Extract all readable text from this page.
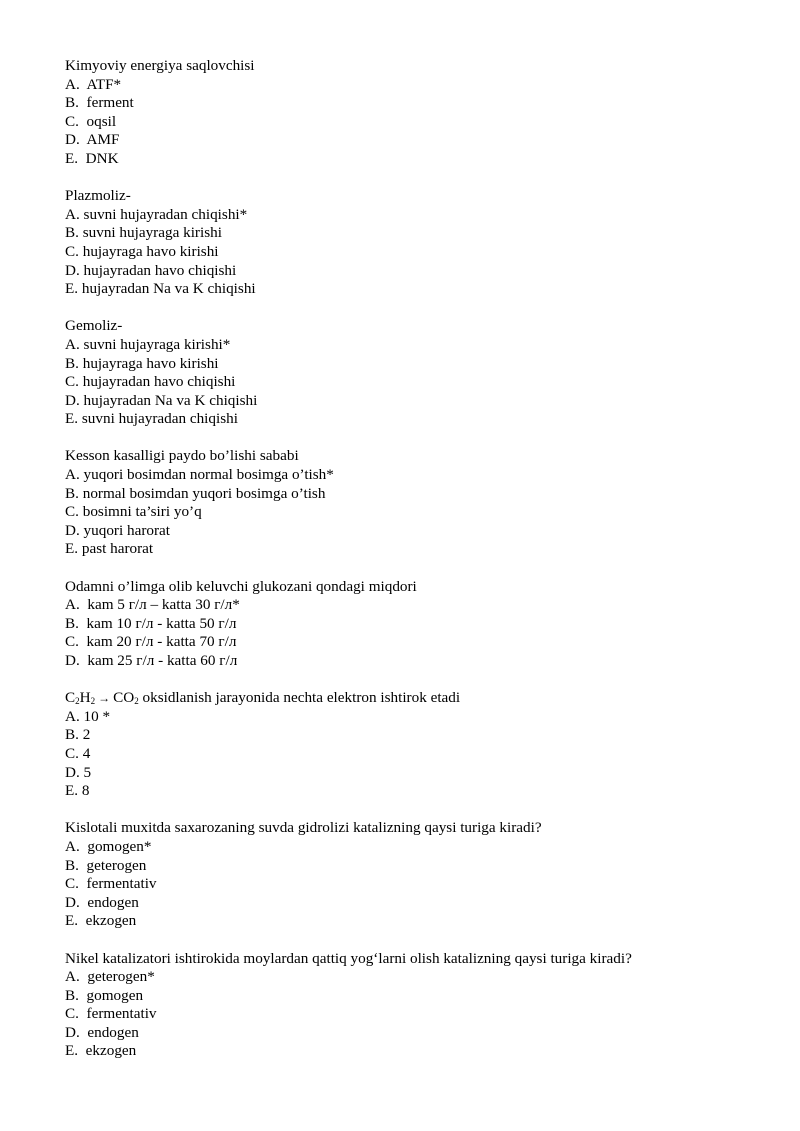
Kimyoviy energiya saqlovchisi
A.  ATF*
B.  ferment
C.  oqsil
D.  AMF
E.  DNK
Plazmoliz-
A. suvni hujayradan chiqishi*
B. suvni hujayraga kirishi
C. hujayraga havo kirishi
D. hujayradan havo chiqishi
E. hujayradan Na va K chiqishi
Gemoliz-
A. suvni hujayraga kirishi*
B. hujayraga havo kirishi
C. hujayradan havo chiqishi
D. hujayradan Na va K chiqishi
E. suvni hujayradan chiqishi
Kesson kasalligi paydo bo’lishi sababi
A. yuqori bosimdan normal bosimga o’tish*
B. normal bosimdan yuqori bosimga o’tish
C. bosimni ta’siri yo’q
D. yuqori harorat
E. past harorat
Odamni o’limga olib keluvchi glukozani qondagi miqdori
A.  kam 5 г/л – katta 30 г/л*
B.  kam 10 г/л - katta 50 г/л
C.  kam 20 г/л - katta 70 г/л
D.  kam 25 г/л - katta 60 г/л
$C_2H_2 \to CO_2$ oksidlanish jarayonida nechta elektron ishtirok etadi
A. 10 *
B. 2
C. 4
D. 5
E. 8
Kislotali muxitda saxarozaning suvda gidrolizi katalizning qaysi turiga kiradi?
A.  gomogen*
B.  geterogen
C.  fermentativ
D.  endogen
E.  ekzogen
Nikel katalizatori ishtirokida moylardan qattiq yog‘larni olish katalizning qaysi turiga kiradi?
A.  geterogen*
B.  gomogen
C.  fermentativ
D.  endogen
E.  ekzogen
